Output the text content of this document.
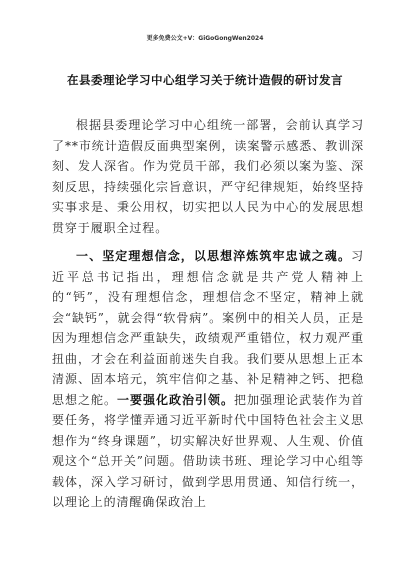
更多免费公文+V：GiGoGongWen2024
在县委理论学习中心组学习关于统计造假的研讨发言

根据县委理论学习中心组统一部署，会前认真学习了**市统计造假反面典型案例，读案警示感悉、教训深刻、发人深省。作为党员干部，我们必须以案为鉴、深刻反思，持续强化宗旨意识，严守纪律规矩，始终坚持实事求是、秉公用权，切实把以人民为中心的发展思想贯穿于履职全过程。

一、坚定理想信念，以思想淬炼筑牢忠诚之魂。习近平总书记指出，理想信念就是共产党人精神上的“钙”，没有理想信念，理想信念不坚定，精神上就会“缺钙”，就会得“软骨病”。案例中的相关人员，正是因为理想信念严重缺失，政绩观严重错位，权力观严重扭曲，才会在利益面前迷失自我。我们要从思想上正本清源、固本培元，筑牢信仰之基、补足精神之钙、把稳思想之舵。一要强化政治引领。把加强理论武装作为首要任务，将学懂弄通习近平新时代中国特色社会主义思想作为“终身课题”，切实解决好世界观、人生观、价值观这个“总开关”问题。借助读书班、理论学习中心组等载体，深入学习研讨，做到学思用贯通、知信行统一，以理论上的清醒确保政治上
